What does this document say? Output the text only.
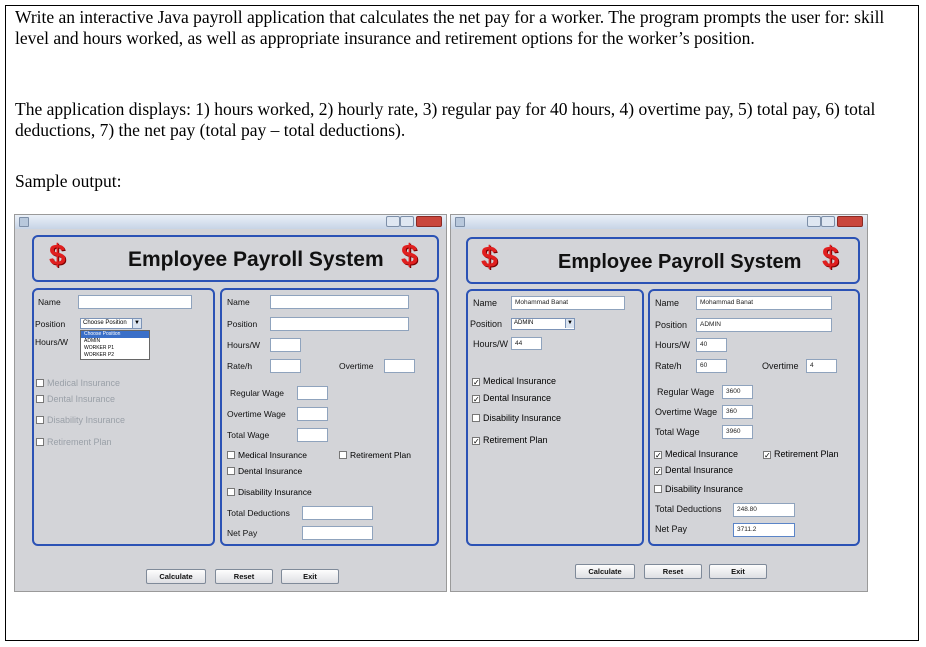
Write an interactive Java payroll application that calculates the net pay for a worker. The program prompts the user for: skill level and hours worked, as well as appropriate insurance and retirement options for the worker’s position.
The application displays: 1) hours worked, 2) hourly rate, 3) regular pay for 40 hours, 4) overtime pay, 5) total pay, 6) total deductions, 7) the net pay (total pay – total deductions).
Sample output:
$	Employee Payroll System $
Name
Position	Choose Position	▼
Hours/W
Choose Position
ADMIN
WORKER P1
WORKER P2
Medical Insurance
Dental Insurance
Disability Insurance
Retirement Plan
Name
Position
Hours/W
Rate/h	Overtime
Regular Wage
Overtime Wage
Total Wage
Medical Insurance	Retirement Plan
Dental Insurance
Disability Insurance
Total Deductions
Net Pay
Calculate	Reset	Exit
$	Employee Payroll System $
Name	Mohammad Banat
Position	ADMIN	▼
Hours/W	44
✓ Medical Insurance
✓ Dental Insurance
Disability Insurance
✓ Retirement Plan
Name	Mohammad Banat
Position	ADMIN
Hours/W	40
Rate/h	60	Overtime	4
Regular Wage	3600
Overtime Wage	360
Total Wage	3960
✓ Medical Insurance	✓ Retirement Plan
✓ Dental Insurance
Disability Insurance
Total Deductions	248.80
Net Pay	3711.2
Calculate	Reset	Exit
